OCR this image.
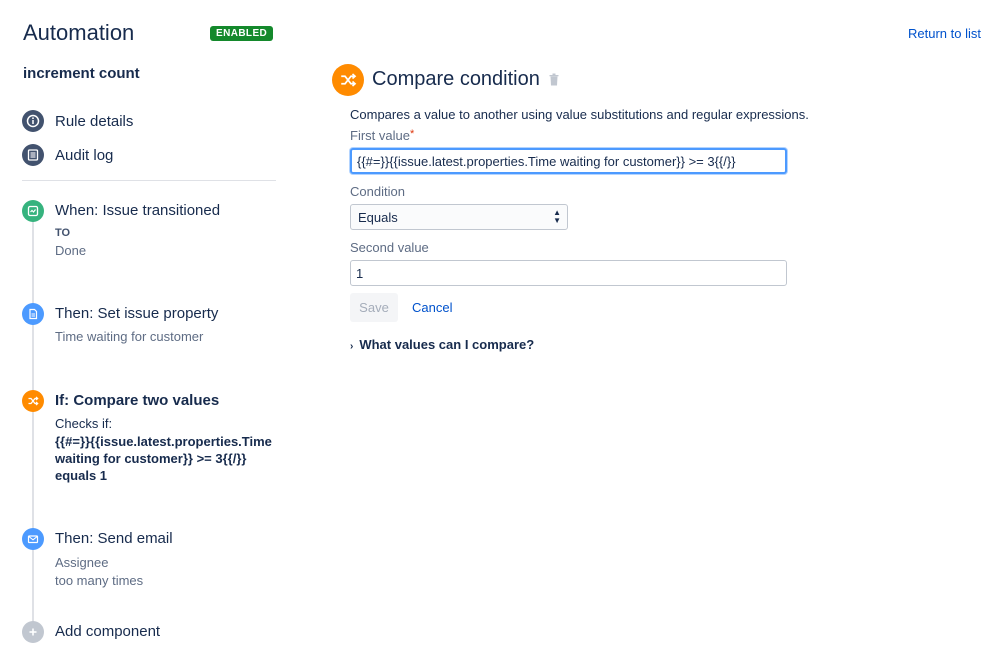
Automation	ENABLED	Return to list
increment count
Rule details
Audit log
When: Issue transitioned
TO
Done
Then: Set issue property
Time waiting for customer
If: Compare two values
Checks if:
{{#=}}{{issue.latest.properties.Time
waiting for customer}} >= 3{{/}}
equals 1
Then: Send email
Assignee
too many times
Add component
Compare condition
Compares a value to another using value substitutions and regular expressions.
First value*
{{#=}}{{issue.latest.properties.Time waiting for customer}} >= 3{{/}}
Condition
Equals	▲
▼
Second value
1
Save	Cancel
› What values can I compare?
